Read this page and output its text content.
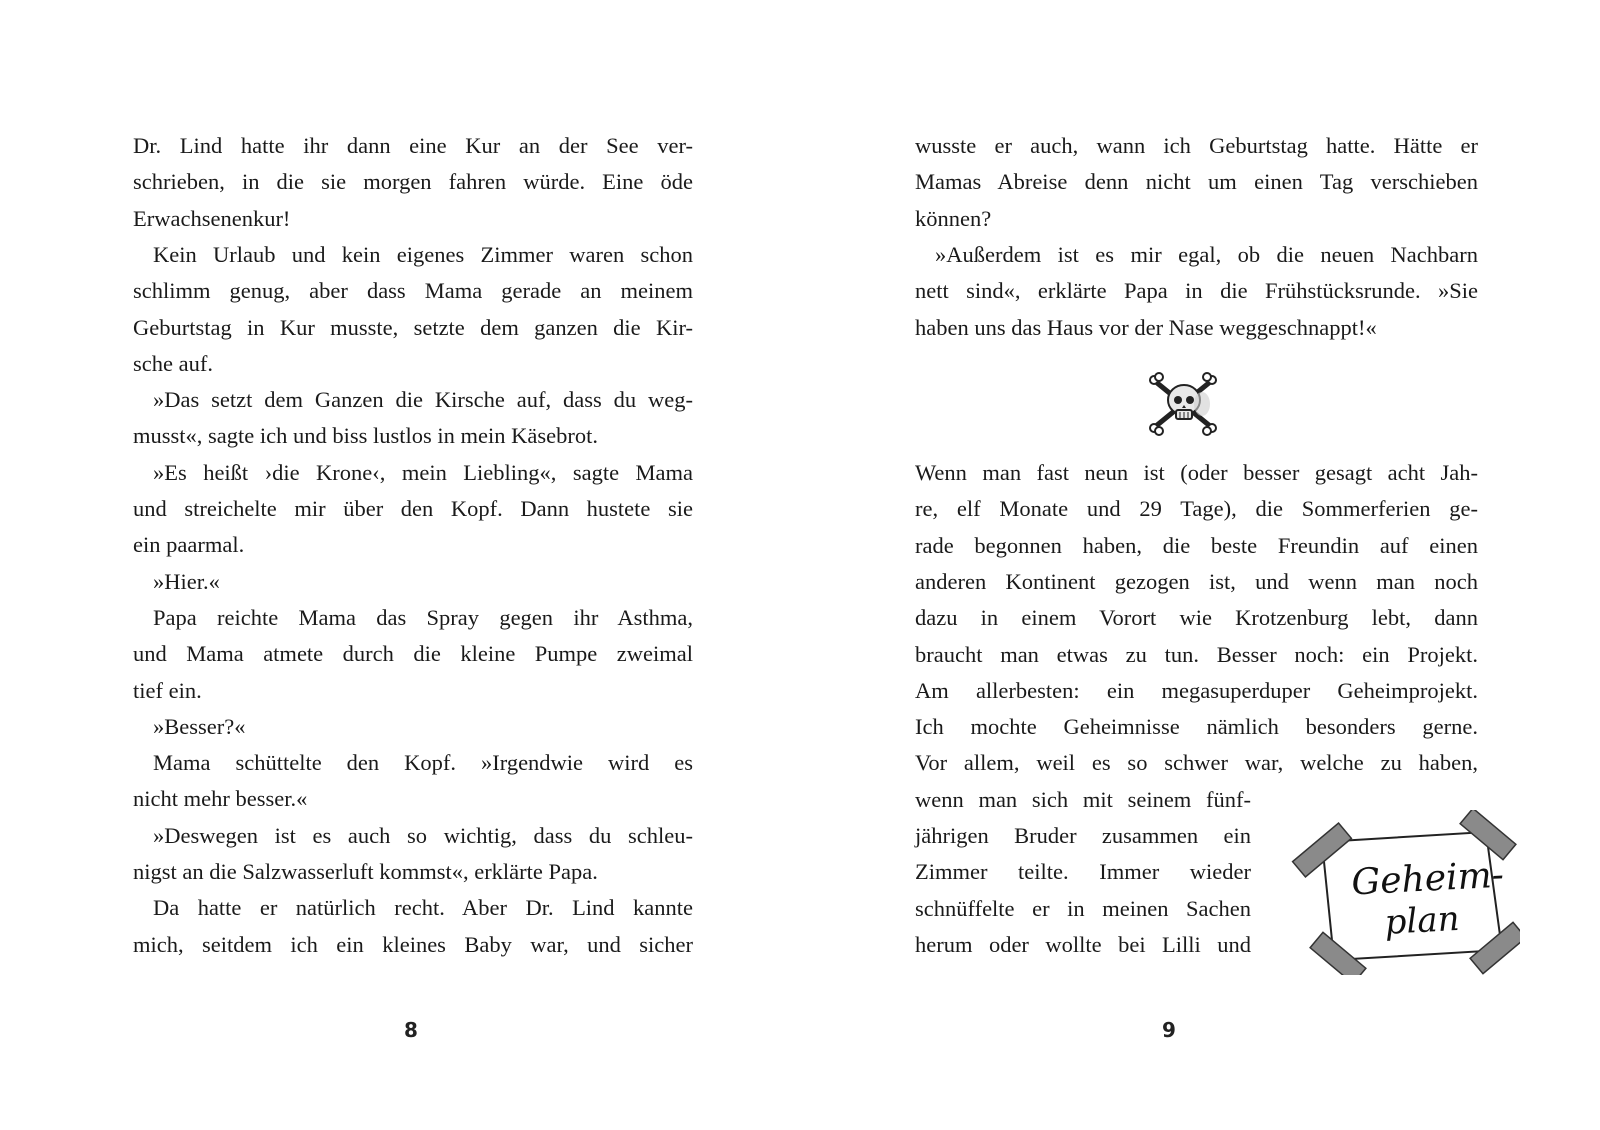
Dr. Lind hatte ihr dann eine Kur an der See ver-
schrieben, in die sie morgen fahren würde. Eine öde
Erwachsenenkur!
Kein Urlaub und kein eigenes Zimmer waren schon
schlimm genug, aber dass Mama gerade an meinem
Geburtstag in Kur musste, setzte dem ganzen die Kir-
sche auf.
»Das setzt dem Ganzen die Kirsche auf, dass du weg-
musst«, sagte ich und biss lustlos in mein Käsebrot.
»Es heißt ›die Krone‹, mein Liebling«, sagte Mama
und streichelte mir über den Kopf. Dann hustete sie
ein paarmal.
»Hier.«
Papa reichte Mama das Spray gegen ihr Asthma,
und Mama atmete durch die kleine Pumpe zweimal
tief ein.
»Besser?«
Mama schüttelte den Kopf. »Irgendwie wird es
nicht mehr besser.«
»Deswegen ist es auch so wichtig, dass du schleu-
nigst an die Salzwasserluft kommst«, erklärte Papa.
Da hatte er natürlich recht. Aber Dr. Lind kannte
mich, seitdem ich ein kleines Baby war, und sicher
Geheim-
plan
wusste er auch, wann ich Geburtstag hatte. Hätte er
Mamas Abreise denn nicht um einen Tag verschieben
können?
»Außerdem ist es mir egal, ob die neuen Nachbarn
nett sind«, erklärte Papa in die Frühstücksrunde. »Sie
haben uns das Haus vor der Nase weggeschnappt!«
Wenn man fast neun ist (oder besser gesagt acht Jah-
re, elf Monate und 29 Tage), die Sommerferien ge-
rade begonnen haben, die beste Freundin auf einen
anderen Kontinent gezogen ist, und wenn man noch
dazu in einem Vorort wie Krotzenburg lebt, dann
braucht man etwas zu tun. Besser noch: ein Projekt.
Am allerbesten: ein megasuperduper Geheimprojekt.
Ich mochte Geheimnisse nämlich besonders gerne.
Vor allem, weil es so schwer war, welche zu haben,
wenn man sich mit seinem fünf-
jährigen Bruder zusammen ein
Zimmer teilte. Immer wieder
schnüffelte er in meinen Sachen
herum oder wollte bei Lilli und
8	9
